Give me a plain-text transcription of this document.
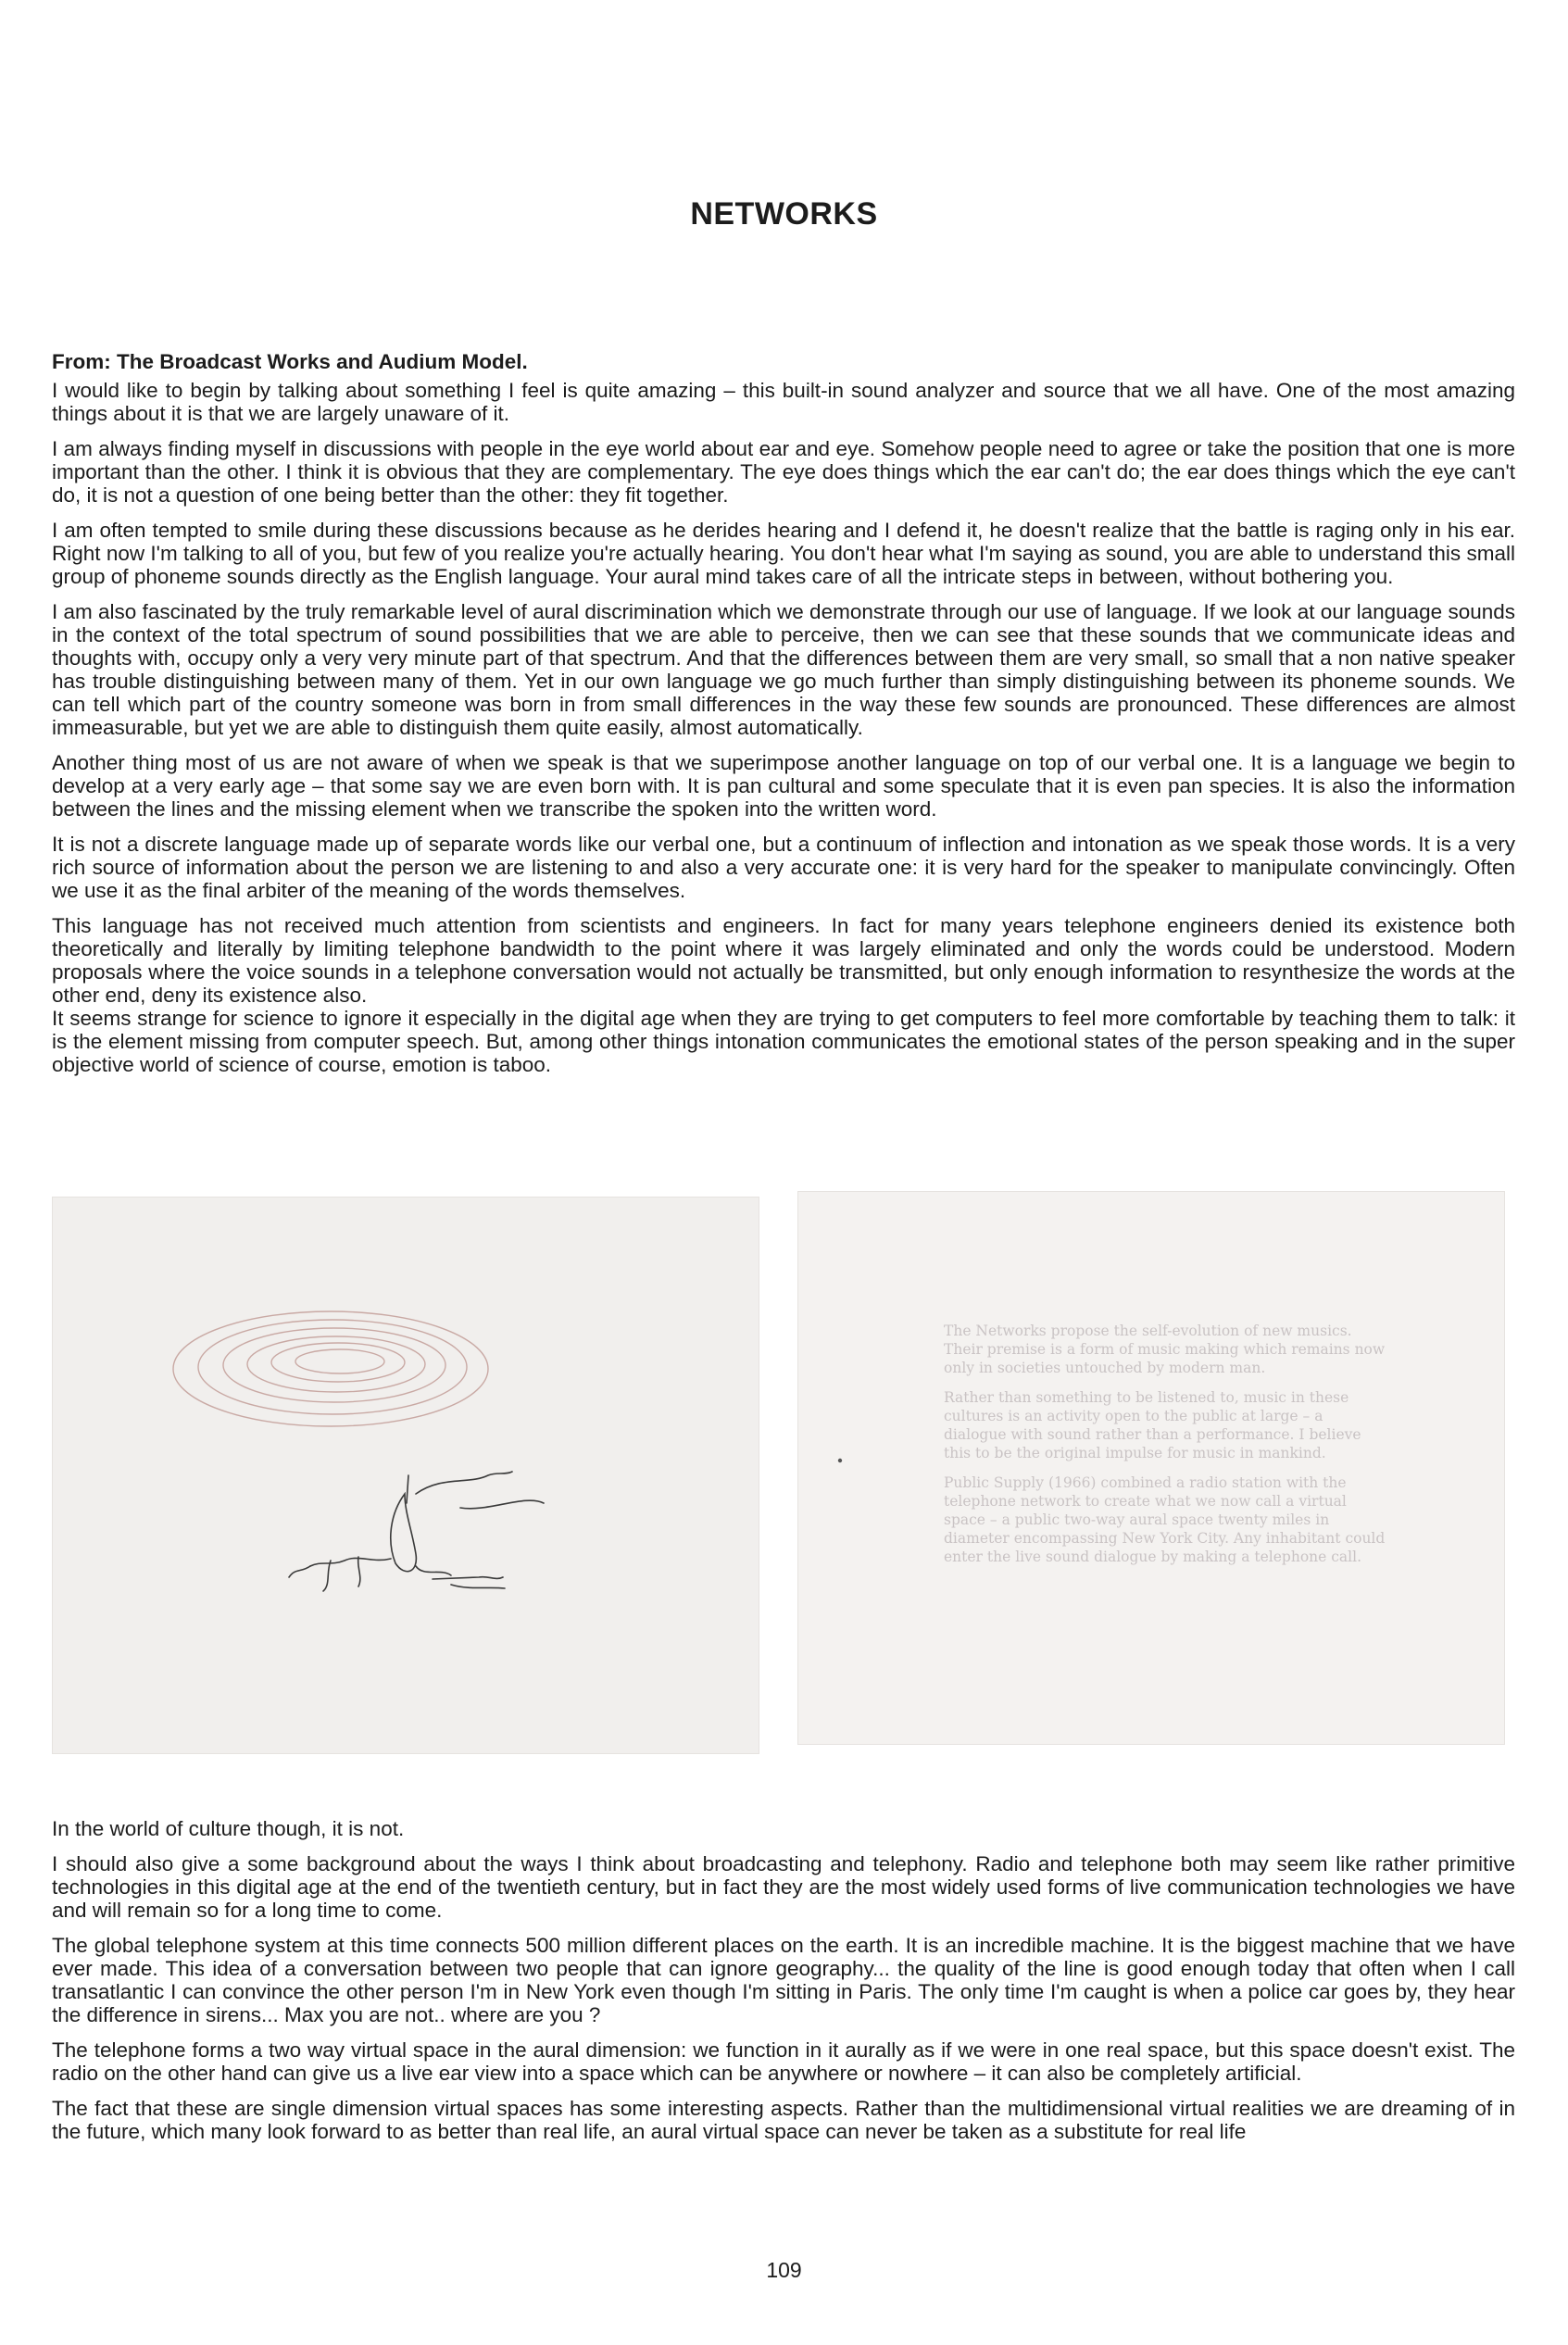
NETWORKS

From: The Broadcast Works and Audium Model.

I would like to begin by talking about something I feel is quite amazing – this built-in sound analyzer and source that we all have. One of the most amazing things about it is that we are largely unaware of it.

I am always finding myself in discussions with people in the eye world about ear and eye. Somehow people need to agree or take the position that one is more important than the other. I think it is obvious that they are complementary. The eye does things which the ear can't do; the ear does things which the eye can't do, it is not a question of one being better than the other: they fit together.

I am often tempted to smile during these discussions because as he derides hearing and I defend it, he doesn't realize that the battle is raging only in his ear. Right now I'm talking to all of you, but few of you realize you're actually hearing. You don't hear what I'm saying as sound, you are able to understand this small group of phoneme sounds directly as the English language. Your aural mind takes care of all the intricate steps in between, without bothering you.

I am also fascinated by the truly remarkable level of aural discrimination which we demonstrate through our use of language. If we look at our language sounds in the context of the total spectrum of sound possibilities that we are able to perceive, then we can see that these sounds that we communicate ideas and thoughts with, occupy only a very very minute part of that spectrum. And that the differences between them are very small, so small that a non native speaker has trouble distinguishing between many of them. Yet in our own language we go much further than simply distinguishing between its phoneme sounds. We can tell which part of the country someone was born in from small differences in the way these few sounds are pronounced. These differences are almost immeasurable, but yet we are able to distinguish them quite easily, almost automatically.

Another thing most of us are not aware of when we speak is that we superimpose another language on top of our verbal one. It is a language we begin to develop at a very early age – that some say we are even born with. It is pan cultural and some speculate that it is even pan species. It is also the information between the lines and the missing element when we transcribe the spoken into the written word.

It is not a discrete language made up of separate words like our verbal one, but a continuum of inflection and intonation as we speak those words. It is a very rich source of information about the person we are listening to and also a very accurate one: it is very hard for the speaker to manipulate convincingly. Often we use it as the final arbiter of the meaning of the words themselves.

This language has not received much attention from scientists and engineers. In fact for many years telephone engineers denied its existence both theoretically and literally by limiting telephone bandwidth to the point where it was largely eliminated and only the words could be understood. Modern proposals where the voice sounds in a telephone conversation would not actually be transmitted, but only enough information to resynthesize the words at the other end, deny its existence also.

It seems strange for science to ignore it especially in the digital age when they are trying to get computers to feel more comfortable by teaching them to talk: it is the element missing from computer speech. But, among other things intonation communicates the emotional states of the person speaking and in the super objective world of science of course, emotion is taboo.

The Networks propose the self-evolution of new musics. Their premise is a form of music making which remains now only in societies untouched by modern man.

Rather than something to be listened to, music in these cultures is an activity open to the public at large – a dialogue with sound rather than a performance. I believe this to be the original impulse for music in mankind.

Public Supply (1966) combined a radio station with the telephone network to create what we now call a virtual space – a public two-way aural space twenty miles in diameter encompassing New York City. Any inhabitant could enter the live sound dialogue by making a telephone call.

In the world of culture though, it is not.

I should also give a some background about the ways I think about broadcasting and telephony. Radio and telephone both may seem like rather primitive technologies in this digital age at the end of the twentieth century, but in fact they are the most widely used forms of live communication technologies we have and will remain so for a long time to come.

The global telephone system at this time connects 500 million different places on the earth. It is an incredible machine. It is the biggest machine that we have ever made. This idea of a conversation between two people that can ignore geography... the quality of the line is good enough today that often when I call transatlantic I can convince the other person I'm in New York even though I'm sitting in Paris. The only time I'm caught is when a police car goes by, they hear the difference in sirens... Max you are not.. where are you ?

The telephone forms a two way virtual space in the aural dimension: we function in it aurally as if we were in one real space, but this space doesn't exist. The radio on the other hand can give us a live ear view into a space which can be anywhere or nowhere – it can also be completely artificial.

The fact that these are single dimension virtual spaces has some interesting aspects. Rather than the multidimensional virtual realities we are dreaming of in the future, which many look forward to as better than real life, an aural virtual space can never be taken as a substitute for real life

109
